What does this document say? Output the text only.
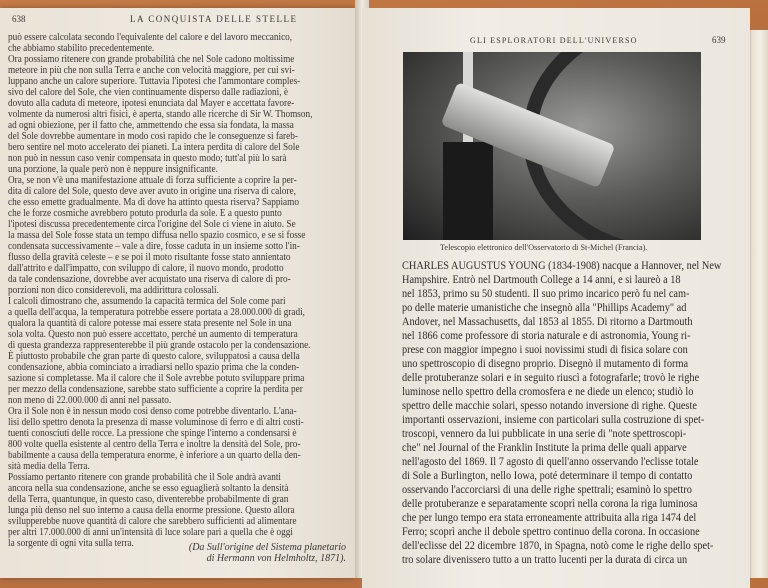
638	LA CONQUISTA DELLE STELLE
può essere calcolata secondo l'equivalente del calore e del lavoro meccanico,
che abbiamo stabilito precedentemente.
Ora possiamo ritenere con grande probabilità che nel Sole cadono moltissime
meteore in più che non sulla Terra e anche con velocità maggiore, per cui svi-
luppano anche un calore superiore. Tuttavia l'ipotesi che l'ammontare comples-
sivo del calore del Sole, che vien continuamente disperso dalle radiazioni, è
dovuto alla caduta di meteore, ipotesi enunciata dal Mayer e accettata favore-
volmente da numerosi altri fisici, è aperta, stando alle ricerche di Sir W. Thomson,
ad ogni obiezione, per il fatto che, ammettendo che essa sia fondata, la massa
del Sole dovrebbe aumentare in modo così rapido che le conseguenze si fareb-
bero sentire nel moto accelerato dei pianeti. La intera perdita di calore del Sole
non può in nessun caso venir compensata in questo modo; tutt'al più lo sarà
una porzione, la quale però non è neppure insignificante.
Ora, se non v'è una manifestazione attuale di forza sufficiente a coprire la per-
dita di calore del Sole, questo deve aver avuto in origine una riserva di calore,
che esso emette gradualmente. Ma di dove ha attinto questa riserva? Sappiamo
che le forze cosmiche avrebbero potuto produrla da sole. E a questo punto
l'ipotesi discussa precedentemente circa l'origine del Sole ci viene in aiuto. Se
la massa del Sole fosse stata un tempo diffusa nello spazio cosmico, e se si fosse
condensata successivamente – vale a dire, fosse caduta in un insieme sotto l'in-
flusso della gravità celeste – e se poi il moto risultante fosse stato annientato
dall'attrito e dall'impatto, con sviluppo di calore, il nuovo mondo, prodotto
da tale condensazione, dovrebbe aver acquistato una riserva di calore di pro-
porzioni non dico considerevoli, ma addirittura colossali.
I calcoli dimostrano che, assumendo la capacità termica del Sole come pari
a quella dell'acqua, la temperatura potrebbe essere portata a 28.000.000 di gradi,
qualora la quantità di calore potesse mai essere stata presente nel Sole in una
sola volta. Questo non può essere accettato, perché un aumento di temperatura
di questa grandezza rappresenterebbe il più grande ostacolo per la condensazione.
È piuttosto probabile che gran parte di questo calore, sviluppatosi a causa della
condensazione, abbia cominciato a irradiarsi nello spazio prima che la conden-
sazione si completasse. Ma il calore che il Sole avrebbe potuto sviluppare prima
per mezzo della condensazione, sarebbe stato sufficiente a coprire la perdita per
non meno di 22.000.000 di anni nel passato.
Ora il Sole non è in nessun modo così denso come potrebbe diventarlo. L'ana-
lisi dello spettro denota la presenza di masse voluminose di ferro e di altri costi-
tuenti conosciuti delle rocce. La pressione che spinge l'interno a condensarsi è
800 volte quella esistente al centro della Terra e inoltre la densità del Sole, pro-
babilmente a causa della temperatura enorme, è inferiore a un quarto della den-
sità media della Terra.
Possiamo pertanto ritenere con grande probabilità che il Sole andrà avanti
ancora nella sua condensazione, anche se esso eguaglierà soltanto la densità
della Terra, quantunque, in questo caso, diventerebbe probabilmente di gran
lunga più denso nel suo interno a causa della enorme pressione. Questo allora
svilupperebbe nuove quantità di calore che sarebbero sufficienti ad alimentare
per altri 17.000.000 di anni un'intensità di luce solare pari a quella che è oggi
la sorgente di ogni vita sulla terra.	(Da Sull'origine del Sistema planetario
di Hermann von Helmholtz, 1871).
GLI ESPLORATORI DELL'UNIVERSO	639
Telescopio elettronico dell'Osservatorio di St-Michel (Francia).
CHARLES AUGUSTUS YOUNG (1834-1908) nacque a Hannover, nel New
Hampshire. Entrò nel Dartmouth College a 14 anni, e si laureò a 18
nel 1853, primo su 50 studenti. Il suo primo incarico però fu nel cam-
po delle materie umanistiche che insegnò alla "Phillips Academy" ad
Andover, nel Massachusetts, dal 1853 al 1855. Di ritorno a Dartmouth
nel 1866 come professore di storia naturale e di astronomia, Young ri-
prese con maggior impegno i suoi novissimi studi di fisica solare con
uno spettroscopio di disegno proprio. Disegnò il mutamento di forma
delle protuberanze solari e in seguito riuscì a fotografarle; trovò le righe
luminose nello spettro della cromosfera e ne diede un elenco; studiò lo
spettro delle macchie solari, spesso notando inversione di righe. Queste
importanti osservazioni, insieme con particolari sulla costruzione di spet-
troscopi, vennero da lui pubblicate in una serie di "note spettroscopi-
che" nel Journal of the Franklin Institute la prima delle quali apparve
nell'agosto del 1869. Il 7 agosto di quell'anno osservando l'eclisse totale
di Sole a Burlington, nello Iowa, poté determinare il tempo di contatto
osservando l'accorciarsi di una delle righe spettrali; esaminò lo spettro
delle protuberanze e separatamente scoprì nella corona la riga luminosa
che per lungo tempo era stata erroneamente attribuita alla riga 1474 del
Ferro; scoprì anche il debole spettro continuo della corona. In occasione
dell'eclisse del 22 dicembre 1870, in Spagna, notò come le righe dello spet-
tro solare divenissero tutto a un tratto lucenti per la durata di circa un
